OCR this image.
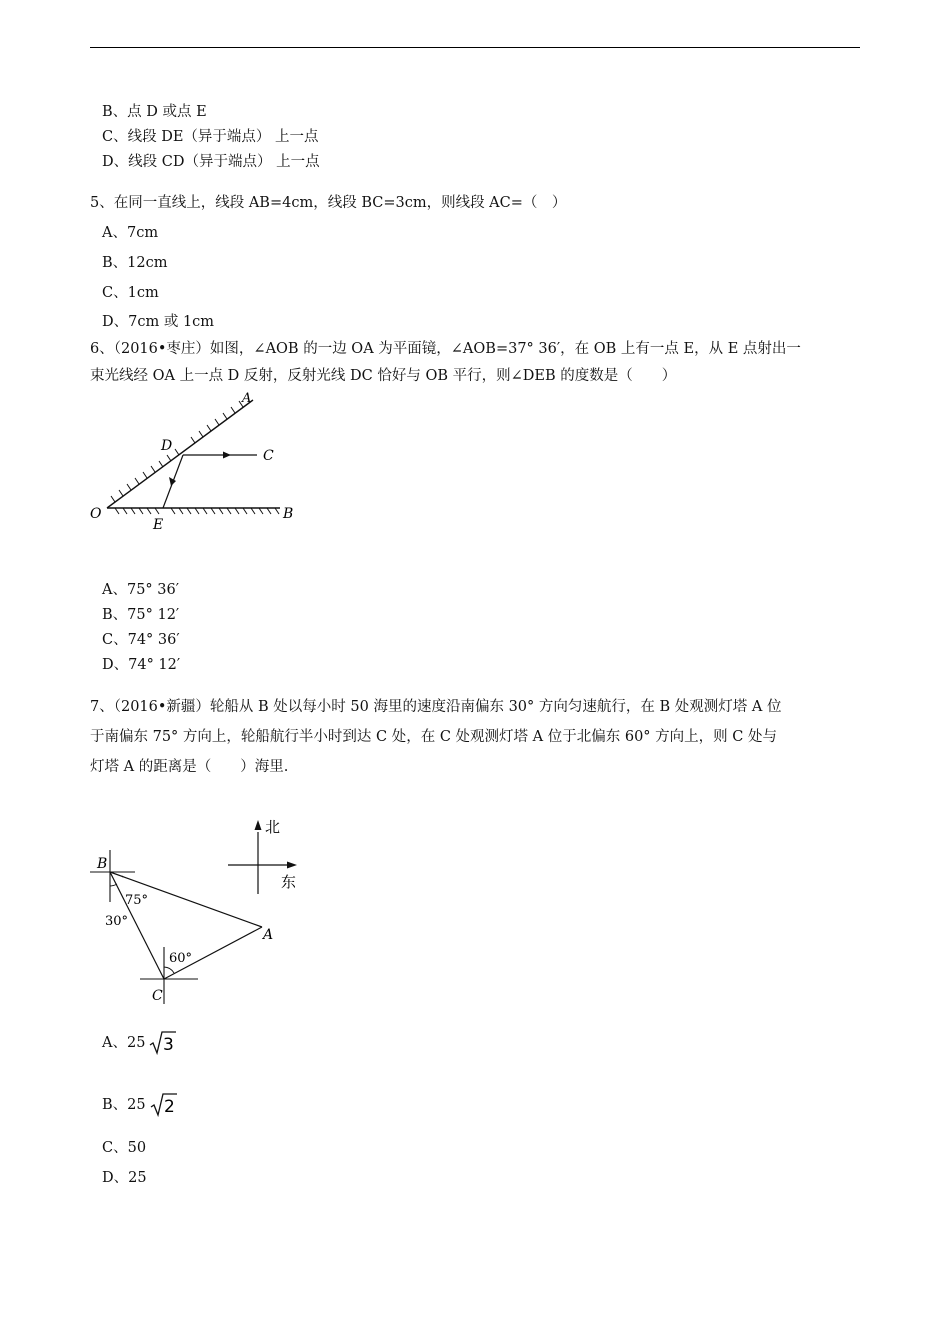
B、点 D 或点 E
C、线段 DE（异于端点） 上一点
D、线段 CD（异于端点） 上一点
5、在同一直线上，线段 AB=4cm，线段 BC=3cm，则线段 AC=（　）
A、7cm
B、12cm
C、1cm
D、7cm 或 1cm
6、（2016•枣庄）如图，∠AOB 的一边 OA 为平面镜，∠AOB=37° 36′，在 OB 上有一点 E，从 E 点射出一
束光线经 OA 上一点 D 反射，反射光线 DC 恰好与 OB 平行，则∠DEB 的度数是（　　）
A
B
C
D
E
O
A、75° 36′
B、75° 12′
C、74° 36′
D、74° 12′
7、（2016•新疆）轮船从 B 处以每小时 50 海里的速度沿南偏东 30° 方向匀速航行，在 B 处观测灯塔 A 位
于南偏东 75° 方向上，轮船航行半小时到达 C 处，在 C 处观测灯塔 A 位于北偏东 60° 方向上，则 C 处与
灯塔 A 的距离是（　　）海里.
北
东
B
C
A
75°
30°
60°
A、25 3
B、25 2
C、50
D、25
